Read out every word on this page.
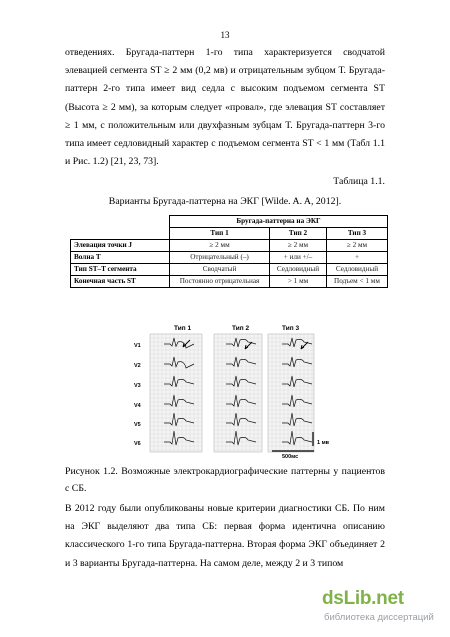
13

отведениях. Бругада-паттерн 1-го типа характеризуется сводчатой элевацией сегмента ST ≥ 2 мм (0,2 мв) и отрицательным зубцом Т. Бругада-паттерн 2-го типа имеет вид седла с высоким подъемом сегмента ST (Высота ≥ 2 мм), за которым следует «провал», где элевация ST составляет ≥ 1 мм, с положительным или двухфазным зубцам Т. Бругада-паттерн 3-го типа имеет седловидный характер с подъемом сегмента ST < 1 мм (Табл 1.1 и Рис. 1.2) [21, 23, 73].

Таблица 1.1.
Варианты Бругада-паттерна на ЭКГ [Wilde. A. A, 2012].
	Бругада-паттерна на ЭКГ		
	Тип 1	Тип 2	Тип 3
Элевация точки J	≥ 2 мм	≥ 2 мм	≥ 2 мм
Волна Т	Отрицательный (–)	+ или +/–	+
Тип ST–T сегмента	Сводчатый	Седловидный	Седловидный
Конечная часть ST	Постоянно отрицательная	> 1 мм	Подъем < 1 мм
Тип 1	Тип 2	Тип 3
V1
V2
V3
V4
V5
V6	1 мв
500мс

Рисунок 1.2. Возможные электрокардиографические паттерны у пациентов с СБ.

В 2012 году были опубликованы новые критерии диагностики СБ. По ним на ЭКГ выделяют два типа СБ: первая форма идентична описанию классического 1-го типа Бругада-паттерна. Вторая форма ЭКГ объединяет 2 и 3 варианты Бругада-паттерна. На самом деле, между 2 и 3 типом

dsLib.net
библиотека диссертаций
